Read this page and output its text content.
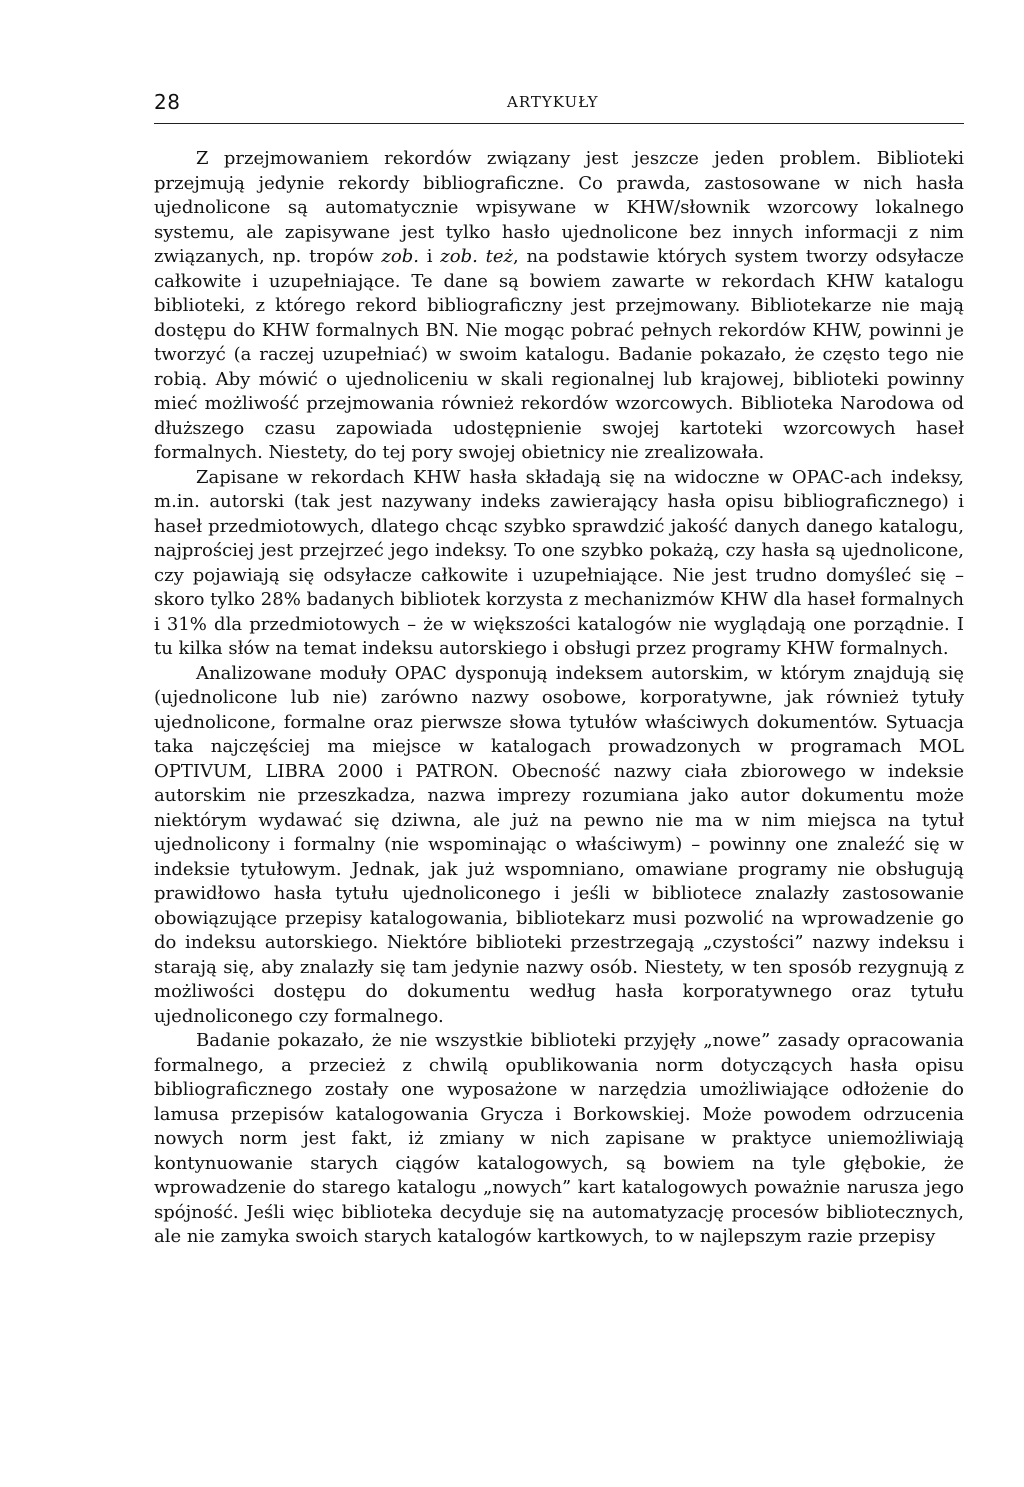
28	ARTYKUŁY

Z przejmowaniem rekordów związany jest jeszcze jeden problem. Biblioteki przejmują jedynie rekordy bibliograficzne. Co prawda, zastosowane w nich hasła ujednolicone są automatycznie wpisywane w KHW/słownik wzorcowy lokalnego systemu, ale zapisywane jest tylko hasło ujednolicone bez innych informacji z nim związanych, np. tropów zob. i zob. też, na podstawie których system tworzy odsyłacze całkowite i uzupełniające. Te dane są bowiem zawarte w rekordach KHW katalogu biblioteki, z którego rekord bibliograficzny jest przejmowany. Bibliotekarze nie mają dostępu do KHW formalnych BN. Nie mogąc pobrać pełnych rekordów KHW, powinni je tworzyć (a raczej uzupełniać) w swoim katalogu. Badanie pokazało, że często tego nie robią. Aby mówić o ujednoliceniu w skali regionalnej lub krajowej, biblioteki powinny mieć możliwość przejmowania również rekordów wzorcowych. Biblioteka Narodowa od dłuższego czasu zapowiada udostępnienie swojej kartoteki wzorcowych haseł formalnych. Niestety, do tej pory swojej obietnicy nie zrealizowała.

Zapisane w rekordach KHW hasła składają się na widoczne w OPAC-ach indeksy, m.in. autorski (tak jest nazywany indeks zawierający hasła opisu bibliograficznego) i haseł przedmiotowych, dlatego chcąc szybko sprawdzić jakość danych danego katalogu, najprościej jest przejrzeć jego indeksy. To one szybko pokażą, czy hasła są ujednolicone, czy pojawiają się odsyłacze całkowite i uzupełniające. Nie jest trudno domyśleć się – skoro tylko 28% badanych bibliotek korzysta z mechanizmów KHW dla haseł formalnych i 31% dla przedmiotowych – że w większości katalogów nie wyglądają one porządnie. I tu kilka słów na temat indeksu autorskiego i obsługi przez programy KHW formalnych.

Analizowane moduły OPAC dysponują indeksem autorskim, w którym znajdują się (ujednolicone lub nie) zarówno nazwy osobowe, korporatywne, jak również tytuły ujednolicone, formalne oraz pierwsze słowa tytułów właściwych dokumentów. Sytuacja taka najczęściej ma miejsce w katalogach prowadzonych w programach MOL OPTIVUM, LIBRA 2000 i PATRON. Obecność nazwy ciała zbiorowego w indeksie autorskim nie przeszkadza, nazwa imprezy rozumiana jako autor dokumentu może niektórym wydawać się dziwna, ale już na pewno nie ma w nim miejsca na tytuł ujednolicony i formalny (nie wspominając o właściwym) – powinny one znaleźć się w indeksie tytułowym. Jednak, jak już wspomniano, omawiane programy nie obsługują prawidłowo hasła tytułu ujednoliconego i jeśli w bibliotece znalazły zastosowanie obowiązujące przepisy katalogowania, bibliotekarz musi pozwolić na wprowadzenie go do indeksu autorskiego. Niektóre biblioteki przestrzegają „czystości” nazwy indeksu i starają się, aby znalazły się tam jedynie nazwy osób. Niestety, w ten sposób rezygnują z możliwości dostępu do dokumentu według hasła korporatywnego oraz tytułu ujednoliconego czy formalnego.

Badanie pokazało, że nie wszystkie biblioteki przyjęły „nowe” zasady opracowania formalnego, a przecież z chwilą opublikowania norm dotyczących hasła opisu bibliograficznego zostały one wyposażone w narzędzia umożliwiające odłożenie do lamusa przepisów katalogowania Grycza i Borkowskiej. Może powodem odrzucenia nowych norm jest fakt, iż zmiany w nich zapisane w praktyce uniemożliwiają kontynuowanie starych ciągów katalogowych, są bowiem na tyle głębokie, że wprowadzenie do starego katalogu „nowych” kart katalogowych poważnie narusza jego spójność. Jeśli więc biblioteka decyduje się na automatyzację procesów bibliotecznych, ale nie zamyka swoich starych katalogów kartkowych, to w najlepszym razie przepisy
